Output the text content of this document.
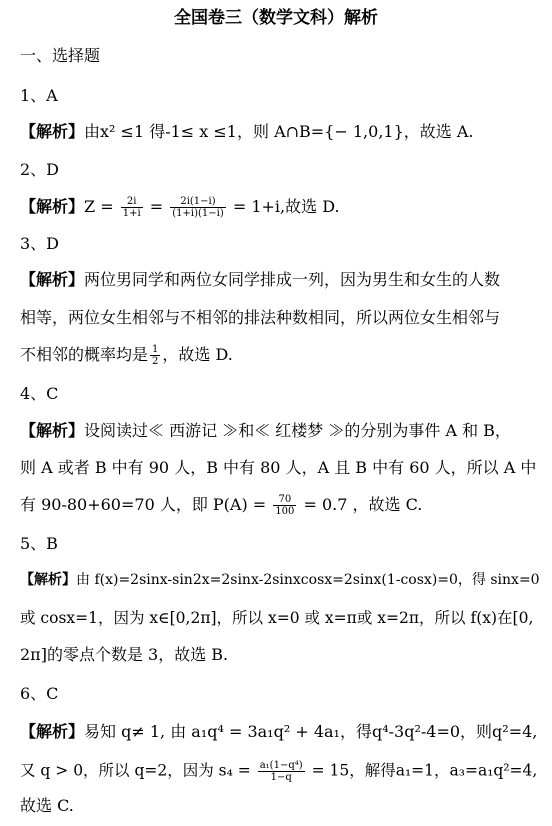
全国卷三（数学文科）解析
一、选择题
1、A
【解析】由x² ≤1 得-1≤ x ≤1，则 A∩B={− 1,0,1}，故选 A.
2、D
【解析】$Z = \frac{2i}{1+i} = \frac{2i(1-i)}{(1+i)(1-i)} = 1+i$,故选 D.
3、D
【解析】两位男同学和两位女同学排成一列，因为男生和女生的人数
相等，两位女生相邻与不相邻的排法种数相同，所以两位女生相邻与
不相邻的概率均是 $\frac{1}{2}$ ，故选 D.
4、C
【解析】设阅读过≪ 西游记 ≫和≪ 红楼梦 ≫的分别为事件 A 和 B，
则 A 或者 B 中有 90 人，B 中有 80 人，A 且 B 中有 60 人，所以 A 中
有 90-80+60=70 人，即 $P(A) = \frac{70}{100} = 0.7$ ，故选 C.
5、B
【解析】由 f(x)=2sinx-sin2x=2sinx-2sinxcosx=2sinx(1-cosx)=0，得 sinx=0
或 cosx=1，因为 x∈[0,2π]，所以 x=0 或 x=π或 x=2π，所以 f(x)在[0,
2π]的零点个数是 3，故选 B.
6、C
【解析】易知 q≠ 1, 由 a₁q⁴ = 3a₁q² + 4a₁，得q⁴-3q²-4=0，则q²=4,
又 q > 0，所以 q=2，因为 $s_4 = \frac{\text{a₁(1−q⁴)}}{1-q} = 15$，解得a₁=1，a₃=a₁q²=4,
故选 C.
